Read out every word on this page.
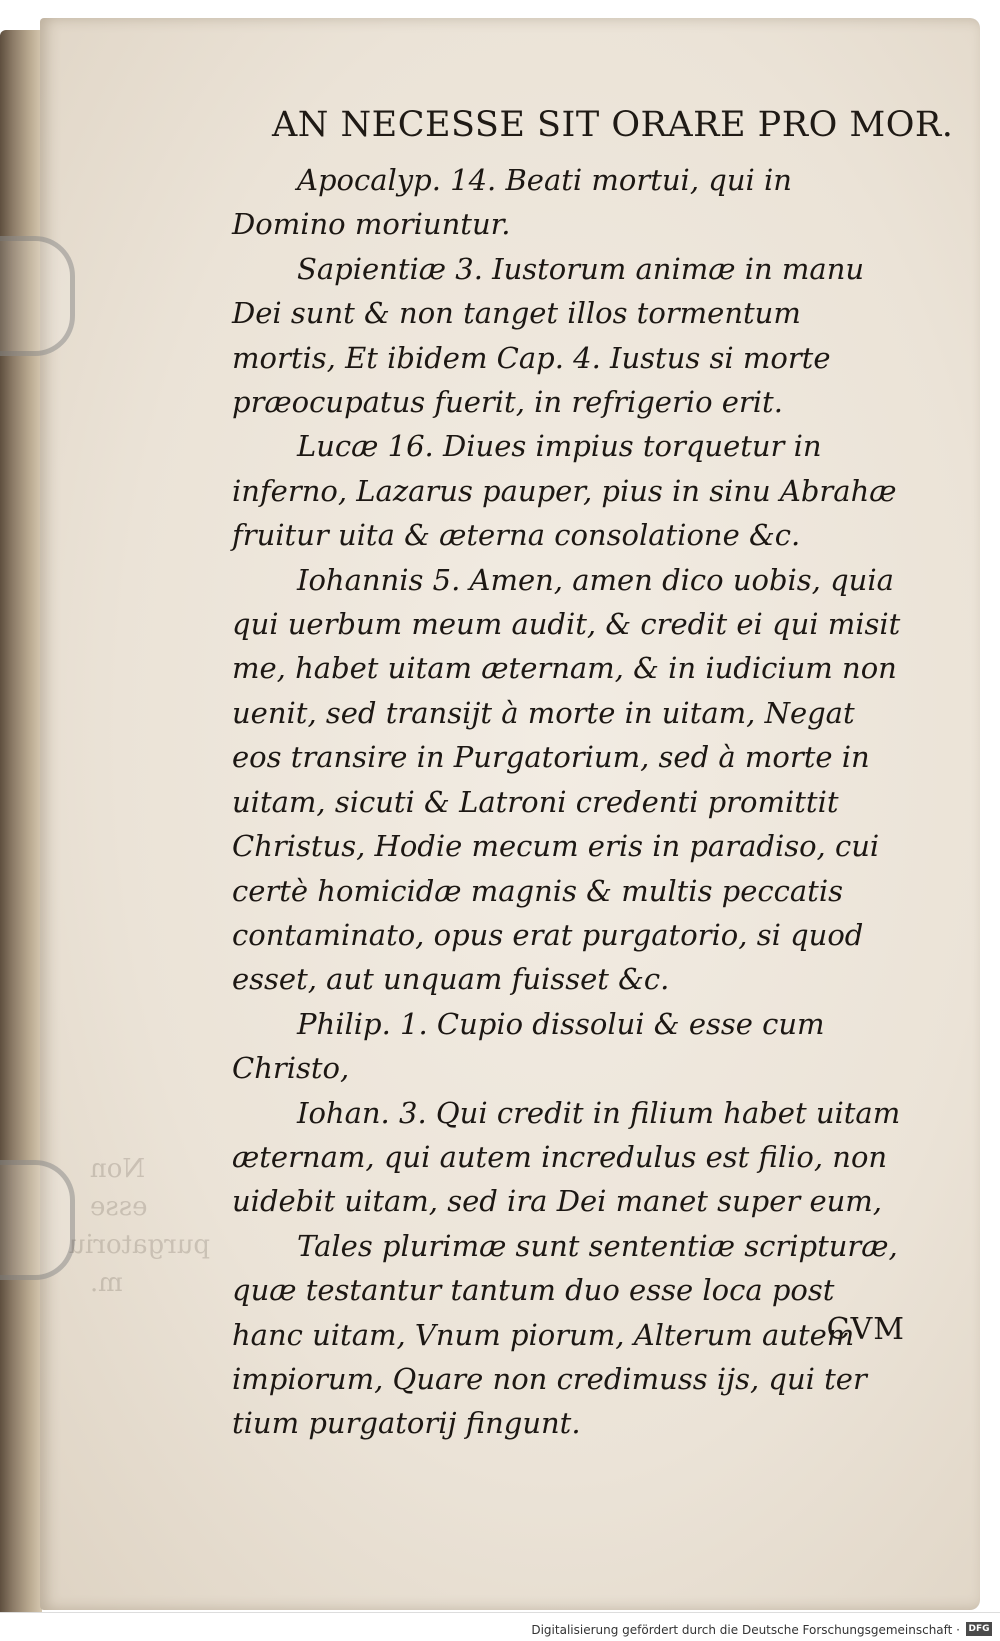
AN NECESSE SIT ORARE PRO MOR.

Apocalyp. 14. Beati mortui, qui in Domino moriuntur.

Sapientiæ 3. Iustorum animæ in manu Dei sunt & non tanget illos tormentum mortis, Et ibidem Cap. 4. Iustus si morte præocupatus fuerit, in refrigerio erit.

Lucæ 16. Diues impius torquetur in inferno, Lazarus pauper, pius in sinu Abrahæ fruitur uita & æterna consolatione &c.

Iohannis 5. Amen, amen dico uobis, quia qui uerbum meum audit, & credit ei qui misit me, habet uitam æternam, & in iudicium non uenit, sed transijt à morte in uitam, Negat eos transire in Purgatorium, sed à morte in uitam, sicuti & Latroni credenti promittit Christus, Hodie mecum eris in paradiso, cui certè homicidæ magnis & multis peccatis contaminato, opus erat purgatorio, si quod esset, aut unquam fuisset &c.

Philip. 1. Cupio dissolui & esse cum Christo,

Iohan. 3. Qui credit in filium habet uitam æternam, qui autem incredulus est filio, non uidebit uitam, sed ira Dei manet super eum,

Tales plurimæ sunt sententiæ scripturæ, quæ testantur tantum duo esse loca post hanc uitam, Vnum piorum, Alterum autem impiorum, Quare non credimuss ijs, qui ter tium purgatorij fingunt.

Non esse purgatoriu m.
CVM
Digitalisierung gefördert durch die Deutsche Forschungsgemeinschaft · DFG
